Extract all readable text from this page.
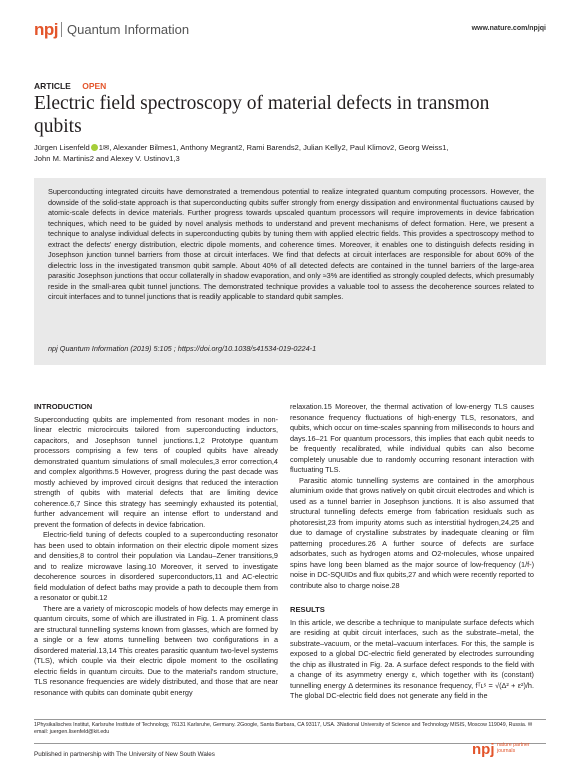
npj Quantum Information	www.nature.com/npjqi
ARTICLE OPEN
Electric field spectroscopy of material defects in transmon qubits
Jürgen Lisenfeld 1✉, Alexander Bilmes1, Anthony Megrant2, Rami Barends2, Julian Kelly2, Paul Klimov2, Georg Weiss1,
John M. Martinis2 and Alexey V. Ustinov1,3
Superconducting integrated circuits have demonstrated a tremendous potential to realize integrated quantum computing processors. However, the downside of the solid-state approach is that superconducting qubits suffer strongly from energy dissipation and environmental fluctuations caused by atomic-scale defects in device materials. Further progress towards upscaled quantum processors will require improvements in device fabrication techniques, which need to be guided by novel analysis methods to understand and prevent mechanisms of defect formation. Here, we present a technique to analyse individual defects in superconducting qubits by tuning them with applied electric fields. This provides a spectroscopy method to extract the defects' energy distribution, electric dipole moments, and coherence times. Moreover, it enables one to distinguish defects residing in Josephson junction tunnel barriers from those at circuit interfaces. We find that defects at circuit interfaces are responsible for about 60% of the dielectric loss in the investigated transmon qubit sample. About 40% of all detected defects are contained in the tunnel barriers of the large-area parasitic Josephson junctions that occur collaterally in shadow evaporation, and only ≈3% are identified as strongly coupled defects, which presumably reside in the small-area qubit tunnel junctions. The demonstrated technique provides a valuable tool to assess the decoherence sources related to circuit interfaces and to tunnel junctions that is readily applicable to standard qubit samples.
npj Quantum Information (2019) 5:105 ; https://doi.org/10.1038/s41534-019-0224-1
INTRODUCTION

Superconducting qubits are implemented from resonant modes in non-linear electric microcircuits tailored from superconducting inductors, capacitors, and Josephson tunnel junctions.1,2 Prototype quantum processors comprising a few tens of coupled qubits have already demonstrated quantum simulations of small molecules,3 error correction,4 and complex algorithms.5 However, progress during the past decade was mostly achieved by improved circuit designs that reduced the interaction strength of qubits with material defects that are limiting device coherence.6,7 Since this strategy has seemingly exhausted its potential, further advancement will require an intense effort to understand and prevent the formation of defects in device fabrication.

Electric-field tuning of defects coupled to a superconducting resonator has been used to obtain information on their electric dipole moment sizes and densities,8 to control their population via Landau–Zener transitions,9 and to realize microwave lasing.10 Moreover, it served to investigate decoherence sources in disordered superconductors,11 and AC-electric field modulation of defect baths may provide a path to decouple them from a resonator or qubit.12

There are a variety of microscopic models of how defects may emerge in quantum circuits, some of which are illustrated in Fig. 1. A prominent class are structural tunnelling systems known from glasses, which are formed by a single or a few atoms tunnelling between two configurations in a disordered material.13,14 This creates parasitic quantum two-level systems (TLS), which couple via their electric dipole moment to the oscillating electric fields in quantum circuits. Due to the material's random structure, TLS resonance frequencies are widely distributed, and those that are near resonance with qubits can dominate qubit energy

relaxation.15 Moreover, the thermal activation of low-energy TLS causes resonance frequency fluctuations of high-energy TLS, resonators, and qubits, which occur on time-scales spanning from milliseconds to hours and days.16–21 For quantum processors, this implies that each qubit needs to be frequently recalibrated, while individual qubits can also become completely unusable due to randomly occurring resonant interaction with fluctuating TLS.

Parasitic atomic tunnelling systems are contained in the amorphous aluminium oxide that grows natively on qubit circuit electrodes and which is used as a tunnel barrier in Josephson junctions. It is also assumed that structural tunnelling defects emerge from fabrication residuals such as photoresist,23 from impurity atoms such as interstitial hydrogen,24,25 and due to damage of crystalline substrates by inadequate cleaning or film patterning procedures.26 A further source of defects are surface adsorbates, such as hydrogen atoms and O2-molecules, whose unpaired spins have long been blamed as the major source of low-frequency (1/f-) noise in DC-SQUIDs and flux qubits,27 and which were recently reported to contribute also to charge noise.28

RESULTS

In this article, we describe a technique to manipulate surface defects which are residing at qubit circuit interfaces, such as the substrate–metal, the substrate–vacuum, or the metal–vacuum interfaces. For this, the sample is exposed to a global DC-electric field generated by electrodes surrounding the chip as illustrated in Fig. 2a. A surface defect responds to the field with a change of its asymmetry energy ε, which together with its (constant) tunnelling energy Δ determines its resonance frequency, fᵀʟˢ = √(Δ² + ε²)/h. The global DC-electric field does not generate any field in the

1Physikalisches Institut, Karlsruhe Institute of Technology, 76131 Karlsruhe, Germany. 2Google, Santa Barbara, CA 93117, USA. 3National University of Science and Technology MISIS, Moscow 119049, Russia. ✉email: juergen.lisenfeld@kit.edu
Published in partnership with The University of New South Wales	npj nature partner
journals
